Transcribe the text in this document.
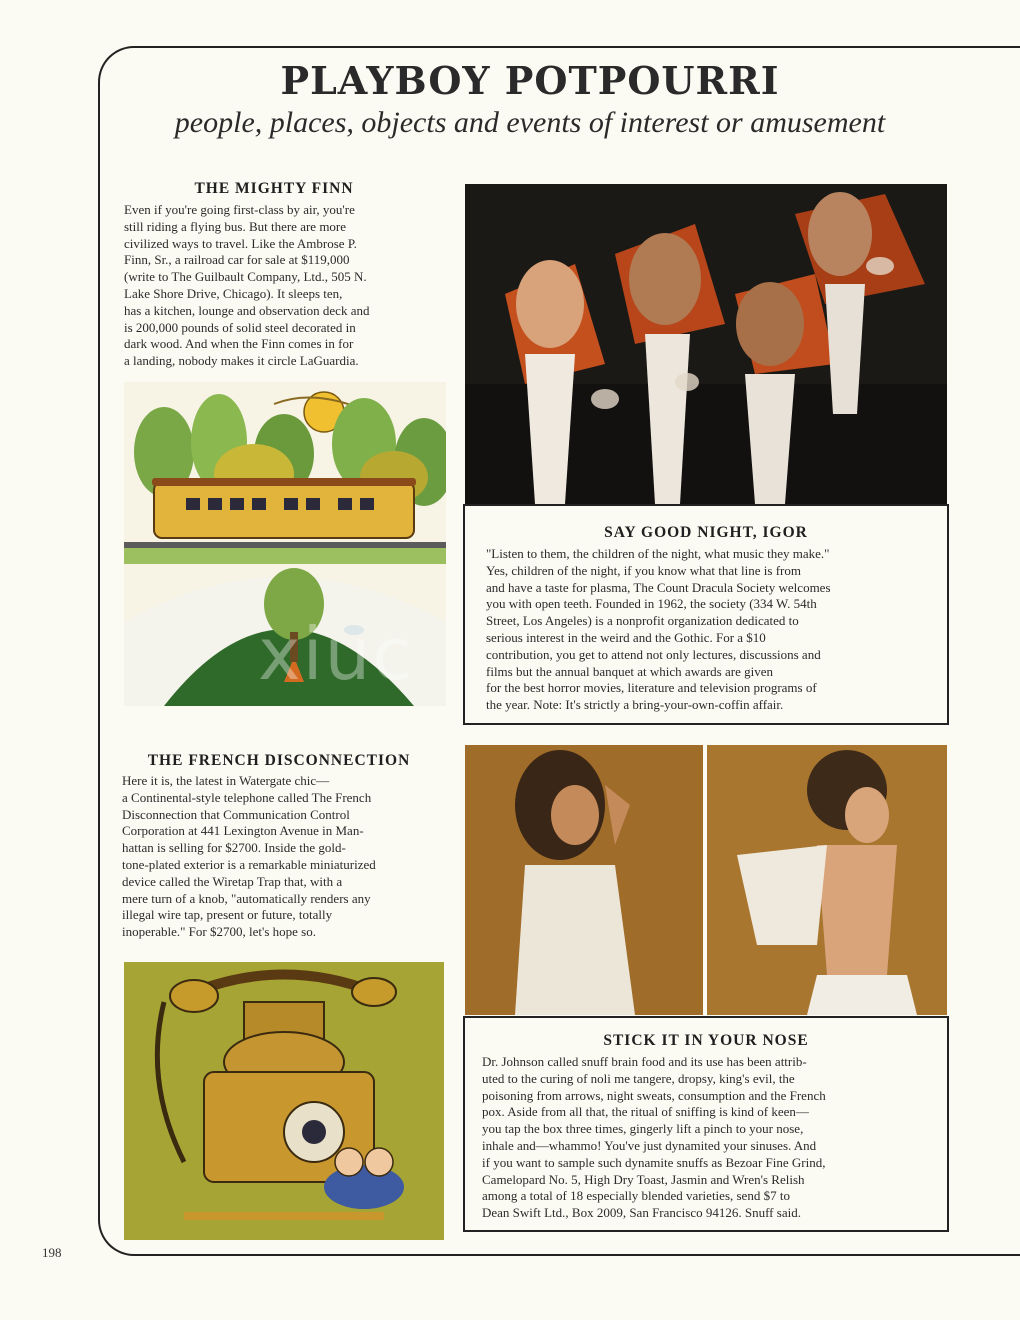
PLAYBOY POTPOURRI
people, places, objects and events of interest or amusement
THE MIGHTY FINN
Even if you're going first-class by air, you're
still riding a flying bus. But there are more
civilized ways to travel. Like the Ambrose P.
Finn, Sr., a railroad car for sale at $119,000
(write to The Guilbault Company, Ltd., 505 N.
Lake Shore Drive, Chicago). It sleeps ten,
has a kitchen, lounge and observation deck and
is 200,000 pounds of solid steel decorated in
dark wood. And when the Finn comes in for
a landing, nobody makes it circle LaGuardia.
SAY GOOD NIGHT, IGOR
"Listen to them, the children of the night, what music they make."
Yes, children of the night, if you know what that line is from
and have a taste for plasma, The Count Dracula Society welcomes
you with open teeth. Founded in 1962, the society (334 W. 54th
Street, Los Angeles) is a nonprofit organization dedicated to
serious interest in the weird and the Gothic. For a $10
contribution, you get to attend not only lectures, discussions and
films but the annual banquet at which awards are given
for the best horror movies, literature and television programs of
the year. Note: It's strictly a bring-your-own-coffin affair.
THE FRENCH DISCONNECTION
Here it is, the latest in Watergate chic—
a Continental-style telephone called The French
Disconnection that Communication Control
Corporation at 441 Lexington Avenue in Man-
hattan is selling for $2700. Inside the gold-
tone-plated exterior is a remarkable miniaturized
device called the Wiretap Trap that, with a
mere turn of a knob, "automatically renders any
illegal wire tap, present or future, totally
inoperable." For $2700, let's hope so.
STICK IT IN YOUR NOSE
Dr. Johnson called snuff brain food and its use has been attrib-
uted to the curing of noli me tangere, dropsy, king's evil, the
poisoning from arrows, night sweats, consumption and the French
pox. Aside from all that, the ritual of sniffing is kind of keen—
you tap the box three times, gingerly lift a pinch to your nose,
inhale and—whammo! You've just dynamited your sinuses. And
if you want to sample such dynamite snuffs as Bezoar Fine Grind,
Camelopard No. 5, High Dry Toast, Jasmin and Wren's Relish
among a total of 18 especially blended varieties, send $7 to
Dean Swift Ltd., Box 2009, San Francisco 94126. Snuff said.
xiuc
198
